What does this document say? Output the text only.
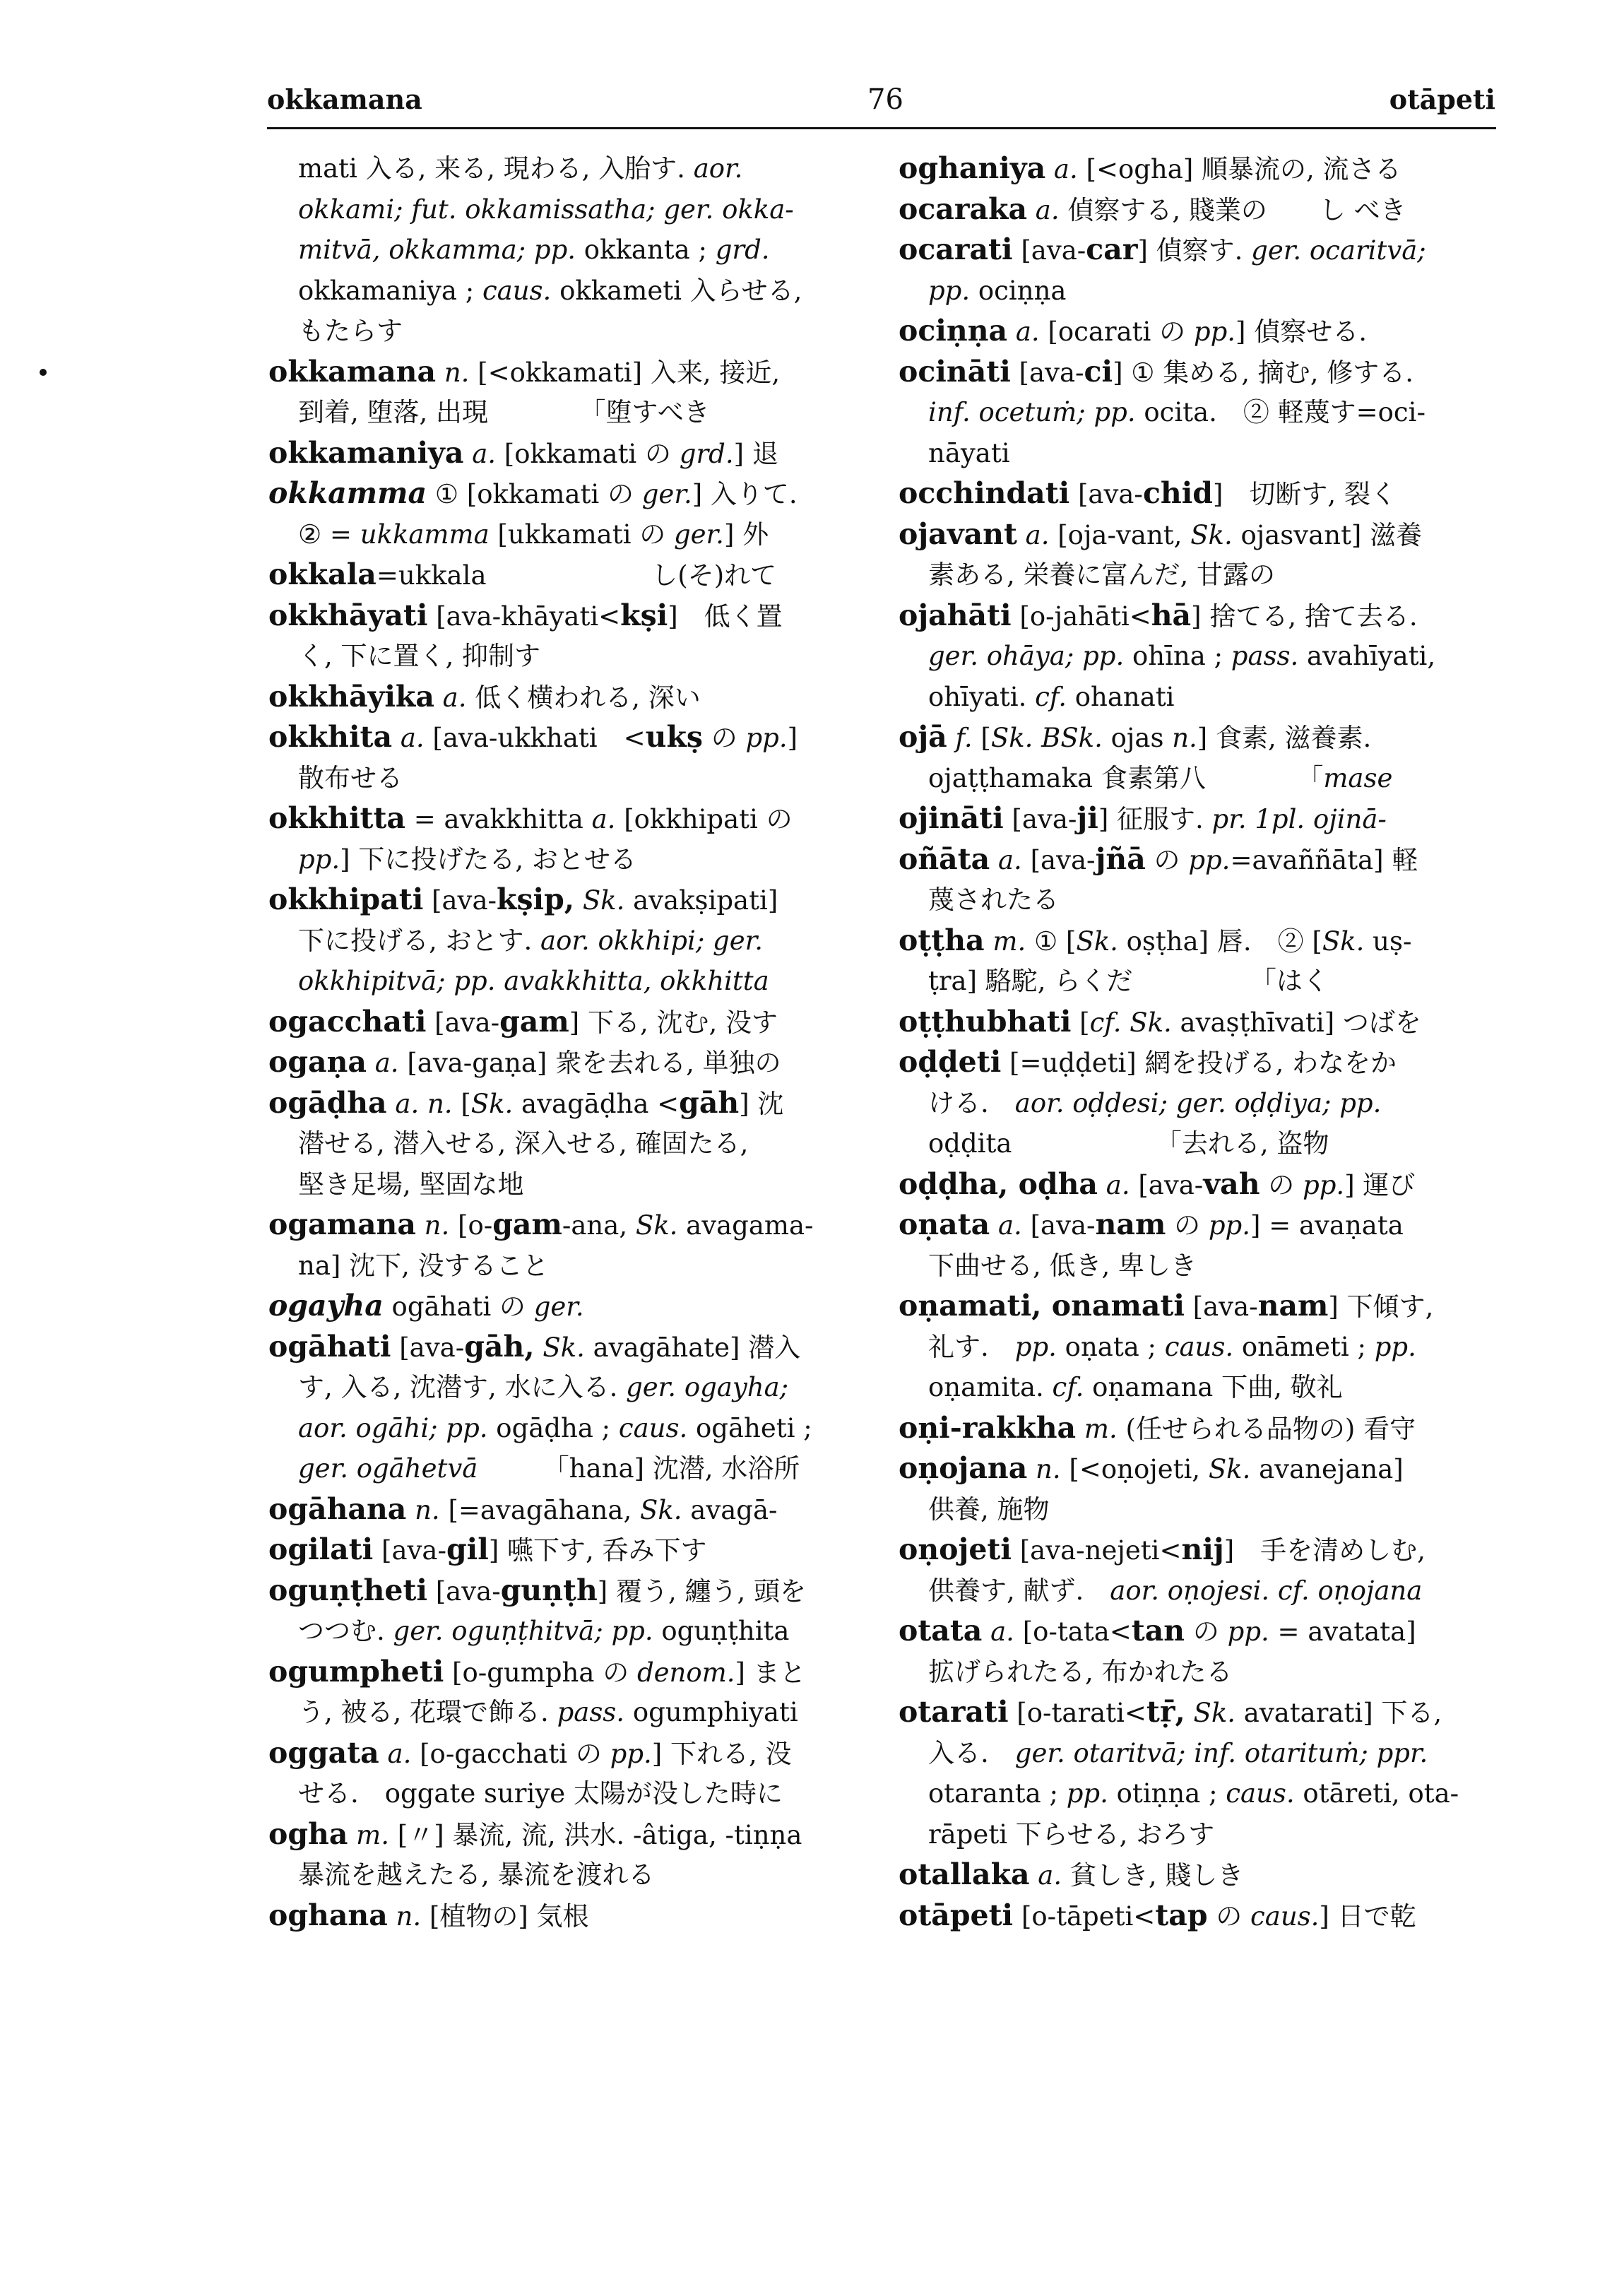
okkamana	76	otāpeti
mati 入る, 来る, 現わる, 入胎す. aor.
okkami; fut. okkamissatha; ger. okka-
mitvā, okkamma; pp. okkanta ; grd.
okkamaniya ; caus. okkameti 入らせる,
もたらす
okkamana n. [<okkamati] 入来, 接近,
到着, 堕落, 出現　　　　「堕すべき
okkamaniya a. [okkamati の grd.] 退
okkamma ① [okkamati の ger.] 入りて.
② = ukkamma [ukkamati の ger.] 外
okkala=ukkala　　　　　　 し(そ)れて
okkhāyati [ava-khāyati<kṣi]　低く置
く, 下に置く, 抑制す
okkhāyika a. 低く横われる, 深い
okkhita a. [ava-ukkhati　<ukṣ の pp.]
散布せる
okkhitta = avakkhitta a. [okkhipati の
pp.] 下に投げたる, おとせる
okkhipati [ava-kṣip, Sk. avakṣipati]
下に投げる, おとす. aor. okkhipi; ger.
okkhipitvā; pp. avakkhitta, okkhitta
ogacchati [ava-gam] 下る, 沈む, 没す
ogaṇa a. [ava-gaṇa] 衆を去れる, 単独の
ogāḍha a. n. [Sk. avagāḍha <gāh] 沈
潜せる, 潜入せる, 深入せる, 確固たる,
堅き足場, 堅固な地
ogamana n. [o-gam-ana, Sk. avagama-
na] 沈下, 没すること
ogayha ogāhati の ger.
ogāhati [ava-gāh, Sk. avagāhate] 潜入
す, 入る, 沈潜す, 水に入る. ger. ogayha;
aor. ogāhi; pp. ogāḍha ; caus. ogāheti ;
ger. ogāhetvā　　　「hana] 沈潜, 水浴所
ogāhana n. [=avagāhana, Sk. avagā-
ogilati [ava-gil] 嚥下す, 呑み下す
oguṇṭheti [ava-guṇṭh] 覆う, 纏う, 頭を
つつむ. ger. oguṇṭhitvā; pp. oguṇṭhita
ogumpheti [o-gumpha の denom.] まと
う, 被る, 花環で飾る. pass. ogumphiyati
oggata a. [o-gacchati の pp.] 下れる, 没
せる.　oggate suriye 太陽が没した時に
ogha m. [〃] 暴流, 流, 洪水. -âtiga, -tiṇṇa
暴流を越えたる, 暴流を渡れる
oghana n. [植物の] 気根
oghaniya a. [<ogha] 順暴流の, 流さる
ocaraka a. 偵察する, 賤業の　　し べき
ocarati [ava-car] 偵察す. ger. ocaritvā;
pp. ociṇṇa
ociṇṇa a. [ocarati の pp.] 偵察せる.
ocināti [ava-ci] ① 集める, 摘む, 修する.
inf. ocetuṁ; pp. ocita.　② 軽蔑す=oci-
nāyati
occhindati [ava-chid]　切断す, 裂く
ojavant a. [oja-vant, Sk. ojasvant] 滋養
素ある, 栄養に富んだ, 甘露の
ojahāti [o-jahāti<hā] 捨てる, 捨て去る.
ger. ohāya; pp. ohīna ; pass. avahīyati,
ohīyati. cf. ohanati
ojā f. [Sk. BSk. ojas n.] 食素, 滋養素.
ojaṭṭhamaka 食素第八　　　　「mase
ojināti [ava-ji] 征服す. pr. 1pl. ojinā-
oñāta a. [ava-jñā の pp.=avaññāta] 軽
蔑されたる
oṭṭha m. ① [Sk. oṣṭha] 唇.　② [Sk. uṣ-
ṭra] 駱駝, らくだ　　　　　「はく
oṭṭhubhati [cf. Sk. avaṣṭhīvati] つばを
oḍḍeti [=uḍḍeti] 網を投げる, わなをか
ける.　aor. oḍḍesi; ger. oḍḍiya; pp.
oḍḍita　　　　　　「去れる, 盗物
oḍḍha, oḍha a. [ava-vah の pp.] 運び
oṇata a. [ava-nam の pp.] = avaṇata
下曲せる, 低き, 卑しき
oṇamati, onamati [ava-nam] 下傾す,
礼す.　pp. oṇata ; caus. onāmeti ; pp.
oṇamita. cf. oṇamana 下曲, 敬礼
oṇi-rakkha m. (任せられる品物の) 看守
oṇojana n. [<oṇojeti, Sk. avanejana]
供養, 施物
oṇojeti [ava-nejeti<nij]　手を清めしむ,
供養す, 献ず.　aor. oṇojesi. cf. oṇojana
otata a. [o-tata<tan の pp. = avatata]
拡げられたる, 布かれたる
otarati [o-tarati<tṝ, Sk. avatarati] 下る,
入る.　ger. otaritvā; inf. otarituṁ; ppr.
otaranta ; pp. otiṇṇa ; caus. otāreti, ota-
rāpeti 下らせる, おろす
otallaka a. 貧しき, 賤しき
otāpeti [o-tāpeti<tap の caus.] 日で乾
